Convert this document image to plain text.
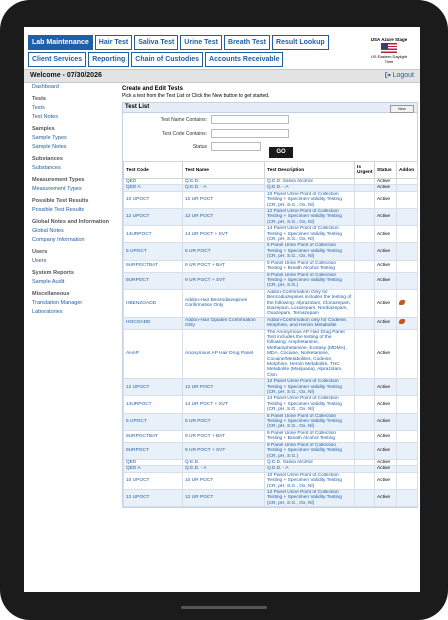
Lab Maintenance	Hair Test	Saliva Test	Urine Test	Breath Test	Result Lookup
Client Services	Reporting	Chain of Custodies	Accounts Receivable
USA Azure Stage
US Eastern Daylight
Time
Welcome - 07/30/2026	Logout
Dashboard
Tests
Tests
Test Notes
Samples
Sample Types
Sample Notes
Substances
Substances
Measurement Types
Measurement Types
Possible Test Results
Possible Test Results
Global Notes and Information
Global Notes
Company Information
Users
Users
System Reports
Sample Audit
Miscellaneous
Translation Manager
Laboratories
Create and Edit Tests
Pick a test from the Test List or Click the New button to get started.
Test List	New
Test Name Contains:
Test Code Contains:
Status
GO
Test Code	Test Name	Test Description	Is Urgent	Status	Addon
QED	Q.E.D.	Q.E.D. Saliva Alcohol		Active	
QED A	Q.E.D. - A	Q.E.D. - A		Active	
10 UPOCT	10 UR POCT	10 Panel Urine Point of Collection Testing + Specimen Validity Testing (CR, pH, S.G., Ox, Nl)		Active	
12 UPOCT	12 UR POCT	12 Panel Urine Point of Collection Testing + Specimen Validity Testing (CR, pH, S.G., Ox, Nl)		Active	
14URPOCT	14 UR POCT + SVT	14 Panel Urine Point of Collection Testing + Specimen Validity Testing (CR, pH, S.G., Ox, Nl)		Active	
5 UPOCT	5 UR POCT	5 Panel Urine Point of Collection Testing + Specimen Validity Testing (CR, pH, S.G., Ox, Nl)		Active	
9URPOCTBAT	9 UR POCT + BAT	9 Panel Urine Point of Collection Testing + Breath Alcohol Testing		Active	
9URPOCT	9 UR POCT + SVT	9 Panel Urine Point of Collection Testing + Specimen Validity Testing (CR, pH, S.G.)		Active	
HBENZOADD	Addon-Hair Benzodiazepines Confirmation Only	Addon-Confirmation Only for Benzodiazepines includes the testing of the following: Alprazolam, Clonazepam, Diazepam, Lorazepam, Nordiazepam, Oxazepam, Temazepam		Active	
HOCOADD	Addon-Hair Opiates Confirmation Only	Addon-Confirmation only for Codeine, Morphine, and Heroin Metabolite		Active	
AHAP	Anonymous AP Hair Drug Panel	The Anonymous AP Hair Drug Panel Test includes the testing of the following: Amphetamine, Methamphetamine, Ecstasy (MDMA), MDA, Cocaine, Norketamine, Cocaine/Metabolites, Codeine, Morphine, Heroin Metabolite, THC Metabolite (Marijuana), Alprazolam, Clon		Active	
12 UPOCT	12 UR POCT	12 Panel Urine Point of Collection Testing + Specimen Validity Testing (CR, pH, S.G., Ox, Nl)		Active	
14URPOCT	14 UR POCT + SVT	14 Panel Urine Point of Collection Testing + Specimen Validity Testing (CR, pH, S.G., Ox, Nl)		Active	
5 UPOCT	5 UR POCT	5 Panel Urine Point of Collection Testing + Specimen Validity Testing (CR, pH, S.G., Ox, Nl)		Active	
9URPOCTBAT	9 UR POCT + BAT	9 Panel Urine Point of Collection Testing + Breath Alcohol Testing		Active	
9URPOCT	9 UR POCT + SVT	9 Panel Urine Point of Collection Testing + Specimen Validity Testing (CR, pH, S.G.)		Active	
QED	Q.E.D.	Q.E.D. Saliva Alcohol		Active	
QED A	Q.E.D. - A	Q.E.D. - A		Active	
10 UPOCT	10 UR POCT	10 Panel Urine Point of Collection Testing + Specimen Validity Testing (CR, pH, S.G., Ox, Nl)		Active	
12 UPOCT	12 UR POCT	12 Panel Urine Point of Collection Testing + Specimen Validity Testing (CR, pH, S.G., Ox, Nl)		Active	
